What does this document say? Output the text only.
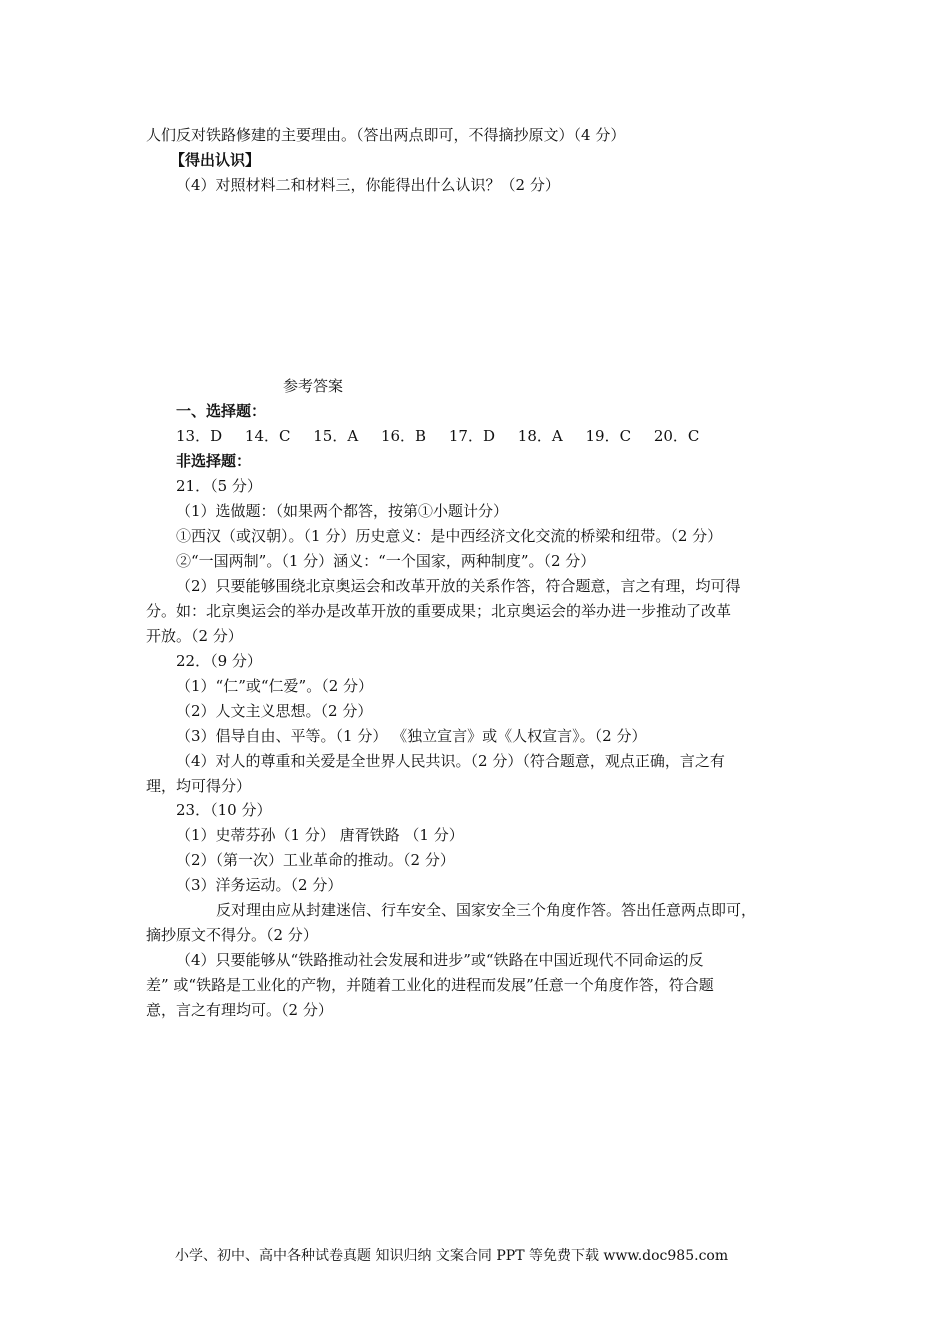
人们反对铁路修建的主要理由。（答出两点即可，不得摘抄原文）（4 分）
【得出认识】
（4）对照材料二和材料三，你能得出什么认识？（2 分）
参考答案
一、选择题：
13．D 14．C 15．A 16．B 17．D 18．A 19．C 20．C
非选择题：
21．（5 分）
（1）选做题：（如果两个都答，按第①小题计分）
①西汉（或汉朝）。（1 分）历史意义：是中西经济文化交流的桥梁和纽带。（2 分）
②“一国两制”。（1 分）涵义：“一个国家，两种制度”。（2 分）
（2）只要能够围绕北京奥运会和改革开放的关系作答，符合题意，言之有理，均可得
分。如：北京奥运会的举办是改革开放的重要成果；北京奥运会的举办进一步推动了改革
开放。（2 分）
22．（9 分）
（1）“仁”或“仁爱”。（2 分）
（2）人文主义思想。（2 分）
（3）倡导自由、平等。（1 分） 《独立宣言》或《人权宣言》。（2 分）
（4）对人的尊重和关爱是全世界人民共识。（2 分）（符合题意，观点正确，言之有
理，均可得分）
23．（10 分）
（1）史蒂芬孙（1 分） 唐胥铁路 （1 分）
（2）（第一次）工业革命的推动。（2 分）
（3）洋务运动。（2 分）
反对理由应从封建迷信、行车安全、国家安全三个角度作答。答出任意两点即可，
摘抄原文不得分。（2 分）
（4）只要能够从“铁路推动社会发展和进步”或“铁路在中国近现代不同命运的反
差” 或“铁路是工业化的产物，并随着工业化的进程而发展”任意一个角度作答，符合题
意，言之有理均可。（2 分）
小学、初中、高中各种试卷真题 知识归纳 文案合同 PPT 等免费下载 www.doc985.com
